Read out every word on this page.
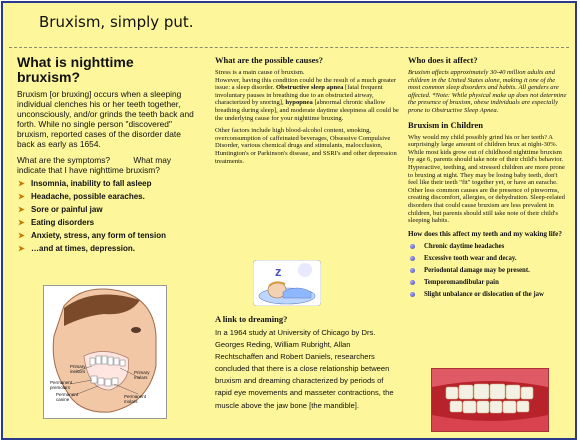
Bruxism, simply put.
What is nighttime bruxism?

Bruxism [or bruxing] occurs when a sleeping individual clenches his or her teeth together, unconsciously, and/or grinds the teeth back and forth. While no single person "discovered" bruxism, reported cases of the disorder date back as early as 1654.

What are the symptoms?          What may indicate that I have nighttime bruxism?

➤ Insomnia, inability to fall asleep
➤ Headache, possible earaches.
➤ Sore or painful jaw
➤ Eating disorders
➤ Anxiety, stress, any form of tension
➤ …and at times, depression.
Primary incisors
Permanent premolars
Permanent canine
Primary molars
Permanent molars
What are the possible causes?

Stress is a main cause of bruxism.
However, having this condition could be the result of a much greater issue: a sleep disorder. Obstructive sleep apnea [fatal frequent involuntary pauses in breathing due to an obstructed airway, characterized by snoring], hypopnea [abnormal chronic shallow breathing during sleep], and moderate daytime sleepiness all could be the underlying cause for your nighttime bruxing.

Other factors include high blood-alcohol content, smoking, overconsumption of caffeinated beverages, Obsessive Compulsive Disorder, various chemical drugs and stimulants, malocclusion, Huntington's or Parkinson's disease, and SSRI's and other depression treatments.

z
A link to dreaming?

In a 1964 study at University of Chicago by Drs. Georges Reding, William Rubright, Allan Rechtschaffen and Robert Daniels, researchers concluded that there is a close relationship between bruxism and dreaming characterized by periods of rapid eye movements and masseter contractions, the muscle above the jaw bone [the mandible].

Who does it affect?

Bruxism affects approximately 30-40 million adults and children in the United States alone, making it one of the most common sleep disorders and habits. All genders are affected. *Note: While physical make up does not determine the presence of bruxism, obese individuals are especially prone to Obstructive Sleep Apnea.

Bruxism in Children

Why would my child possibly grind his or her teeth? A surprisingly large amount of children brux at night-30%. While most kids grow out of childhood nighttime bruxism by age 6, parents should take note of their child's behavior. Hyperactive, teething, and stressed children are more prone to bruxing at night. They may be losing baby teeth, don't feel like their teeth "fit" together yet, or have an earache. Other less common causes are the presence of pinworms, creating discomfort, allergies, or dehydration. Sleep-related disorders that could cause bruxism are less prevalent in children, but parents should still take note of their child's sleeping habits.

How does this affect my teeth and my waking life?
Chronic daytime headaches
Excessive tooth wear and decay.
Periodontal damage may be present.
Temporomandibular pain
Slight unbalance or dislocation of the jaw
